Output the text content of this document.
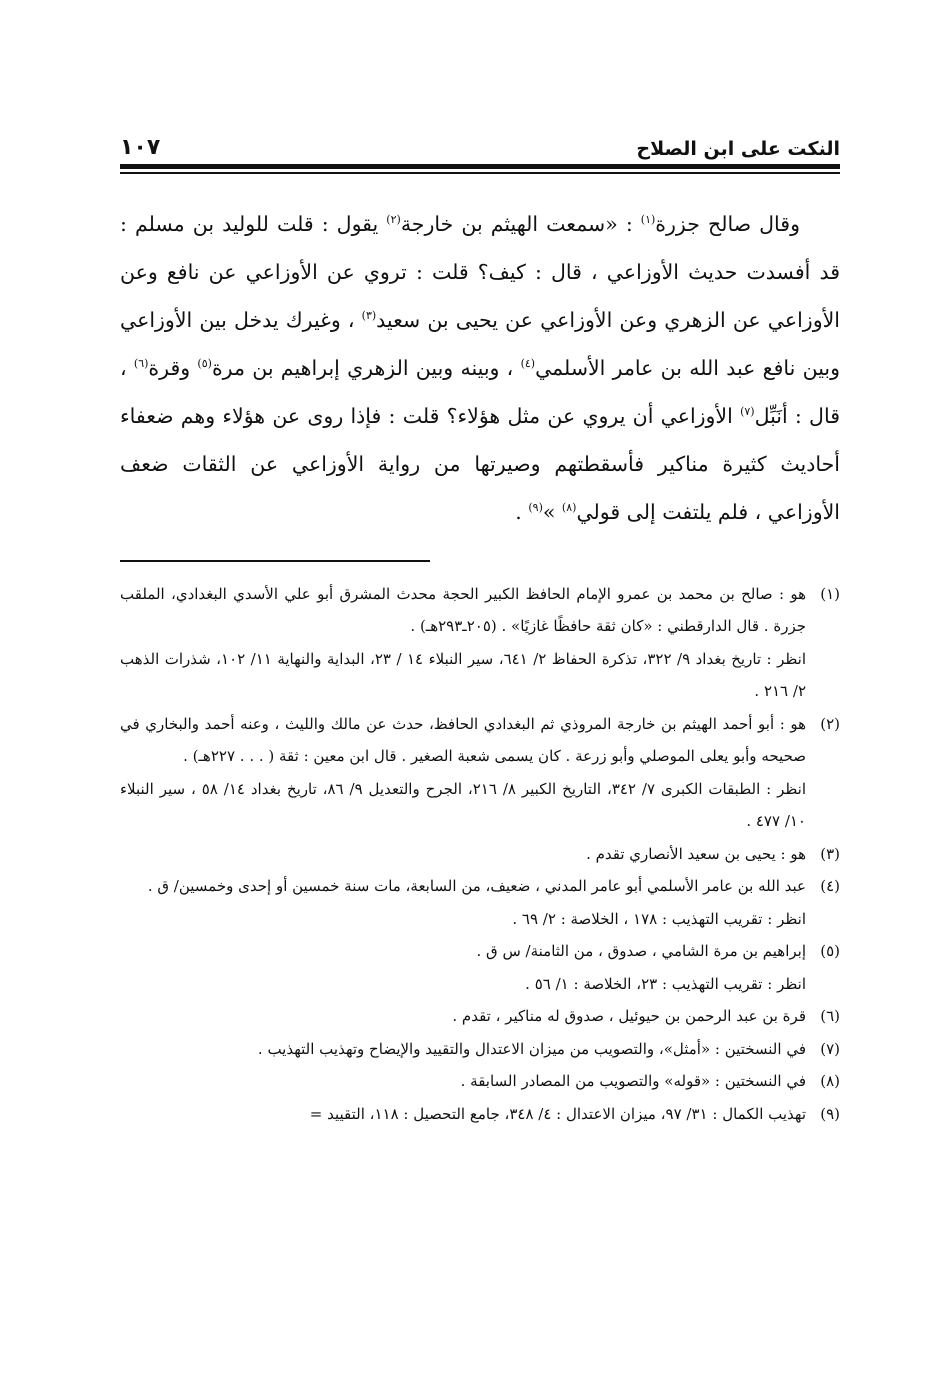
النكت على ابن الصلاح
١٠٧

وقال صالح جزرة$^{(١)}$ : «سمعت الهيثم بن خارجة$^{(٢)}$ يقول : قلت للوليد بن مسلم : قد أفسدت حديث الأوزاعي ، قال : كيف؟ قلت : تروي عن الأوزاعي عن نافع وعن الأوزاعي عن الزهري وعن الأوزاعي عن يحيى بن سعيد$^{(٣)}$ ، وغيرك يدخل بين الأوزاعي وبين نافع عبد الله بن عامر الأسلمي$^{(٤)}$ ، وبينه وبين الزهري إبراهيم بن مرة$^{(٥)}$ وقرة$^{(٦)}$ ، قال : أنَبِّل$^{(٧)}$ الأوزاعي أن يروي عن مثل هؤلاء؟ قلت : فإذا روى عن هؤلاء وهم ضعفاء أحاديث كثيرة مناكير فأسقطتهم وصيرتها من رواية الأوزاعي عن الثقات ضعف الأوزاعي ، فلم يلتفت إلى قولي$^{(٨)}$ »$^{(٩)}$ .

(١)
هو : صالح بن محمد بن عمرو الإمام الحافظ الكبير الحجة محدث المشرق أبو علي الأسدي البغدادي، الملقب جزرة . قال الدارقطني : «كان ثقة حافظًا غازيًا» . (٢٠٥ـ٢٩٣هـ) .
انظر : تاريخ بغداد ٩/ ٣٢٢، تذكرة الحفاظ ٢/ ٦٤١، سير النبلاء ١٤ / ٢٣، البداية والنهاية ١١/ ١٠٢، شذرات الذهب ٢/ ٢١٦ .
(٢)
هو : أبو أحمد الهيثم بن خارجة المروذي ثم البغدادي الحافظ، حدث عن مالك والليث ، وعنه أحمد والبخاري في صحيحه وأبو يعلى الموصلي وأبو زرعة . كان يسمى شعبة الصغير . قال ابن معين : ثقة ( . . . ٢٢٧هـ) .
انظر : الطبقات الكبرى ٧/ ٣٤٢، التاريخ الكبير ٨/ ٢١٦، الجرح والتعديل ٩/ ٨٦، تاريخ بغداد ١٤/ ٥٨ ، سير النبلاء ١٠/ ٤٧٧ .
(٣)
هو : يحيى بن سعيد الأنصاري تقدم .
(٤)
عبد الله بن عامر الأسلمي أبو عامر المدني ، ضعيف، من السابعة، مات سنة خمسين أو إحدى وخمسين/ ق .
انظر : تقريب التهذيب : ١٧٨ ، الخلاصة : ٢/ ٦٩ .
(٥)
إبراهيم بن مرة الشامي ، صدوق ، من الثامنة/ س ق .
انظر : تقريب التهذيب : ٢٣، الخلاصة : ١/ ٥٦ .
(٦)
قرة بن عبد الرحمن بن حيوئيل ، صدوق له مناكير ، تقدم .
(٧)
في النسختين : «أمثل»، والتصويب من ميزان الاعتدال والتقييد والإيضاح وتهذيب التهذيب .
(٨)
في النسختين : «قوله» والتصويب من المصادر السابقة .
(٩)
تهذيب الكمال : ٣١/ ٩٧، ميزان الاعتدال : ٤/ ٣٤٨، جامع التحصيل : ١١٨، التقييد =
